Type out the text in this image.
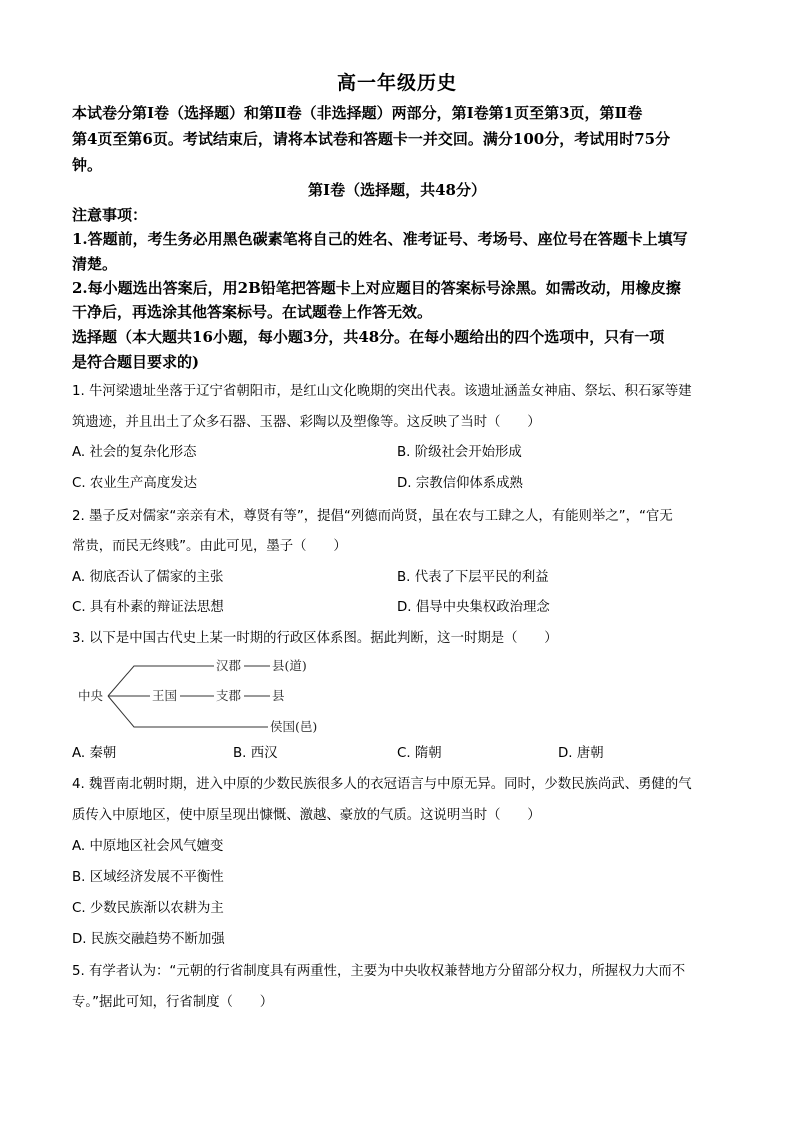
高一年级历史
本试卷分第Ⅰ卷（选择题）和第Ⅱ卷（非选择题）两部分，第Ⅰ卷第1页至第3页，第Ⅱ卷
第4页至第6页。考试结束后，请将本试卷和答题卡一并交回。满分100分，考试用时75分
钟。
第Ⅰ卷（选择题，共48分）
注意事项：
1.答题前，考生务必用黑色碳素笔将自己的姓名、准考证号、考场号、座位号在答题卡上填写
清楚。
2.每小题选出答案后，用2B铅笔把答题卡上对应题目的答案标号涂黑。如需改动，用橡皮擦
干净后，再选涂其他答案标号。在试题卷上作答无效。
选择题（本大题共16小题，每小题3分，共48分。在每小题给出的四个选项中，只有一项
是符合题目要求的)
1. 牛河梁遗址坐落于辽宁省朝阳市，是红山文化晚期的突出代表。该遗址涵盖女神庙、祭坛、积石冢等建
筑遗迹，并且出土了众多石器、玉器、彩陶以及塑像等。这反映了当时（　　）
A. 社会的复杂化形态	B. 阶级社会开始形成
C. 农业生产高度发达	D. 宗教信仰体系成熟
2. 墨子反对儒家“亲亲有术，尊贤有等”，提倡“列德而尚贤，虽在农与工肆之人，有能则举之”，“官无
常贵，而民无终贱”。由此可见，墨子（　　）
A. 彻底否认了儒家的主张	B. 代表了下层平民的利益
C. 具有朴素的辩证法思想	D. 倡导中央集权政治理念
3. 以下是中国古代史上某一时期的行政区体系图。据此判断，这一时期是（　　）
中央
汉郡 县(道)
王国	支郡 县
侯国(邑)
A. 秦朝	B. 西汉	C. 隋朝	D. 唐朝
4. 魏晋南北朝时期，进入中原的少数民族很多人的衣冠语言与中原无异。同时，少数民族尚武、勇健的气
质传入中原地区，使中原呈现出慷慨、激越、豪放的气质。这说明当时（　　）
A. 中原地区社会风气嬗变
B. 区域经济发展不平衡性
C. 少数民族渐以农耕为主
D. 民族交融趋势不断加强
5. 有学者认为：“元朝的行省制度具有两重性，主要为中央收权兼替地方分留部分权力，所握权力大而不
专。”据此可知，行省制度（　　）
